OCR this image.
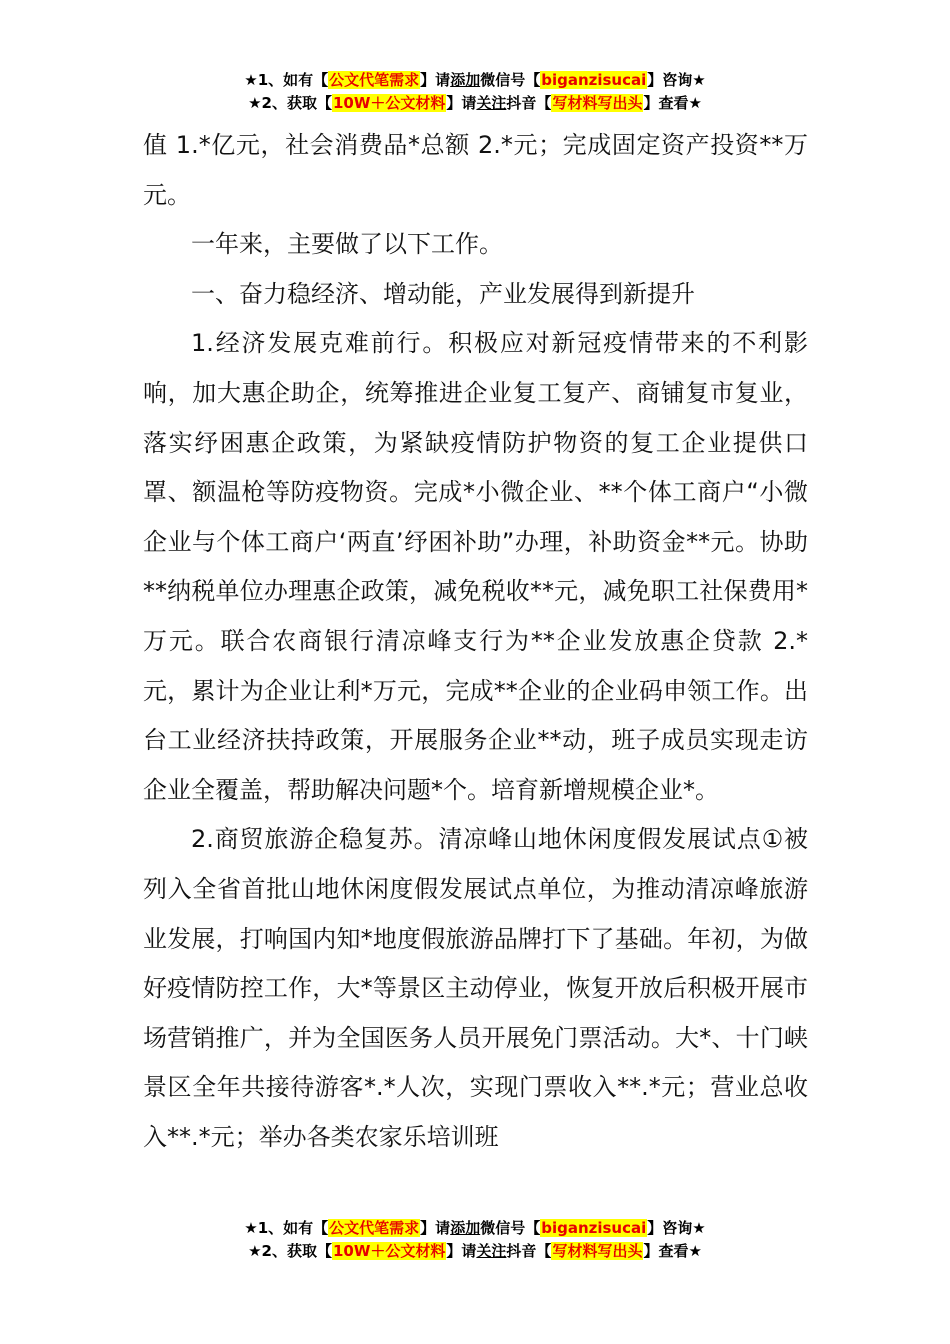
★1、如有【公文代笔需求】请添加微信号【biganzisucai】咨询★
★2、获取【10W＋公文材料】请关注抖音【写材料写出头】查看★

值 1.*亿元，社会消费品*总额 2.*元；完成固定资产投资**万元。

一年来，主要做了以下工作。

一、奋力稳经济、增动能，产业发展得到新提升

1.经济发展克难前行。积极应对新冠疫情带来的不利影响，加大惠企助企，统筹推进企业复工复产、商铺复市复业，落实纾困惠企政策，为紧缺疫情防护物资的复工企业提供口罩、额温枪等防疫物资。完成*小微企业、**个体工商户“小微企业与个体工商户‘两直’纾困补助”办理，补助资金**元。协助**纳税单位办理惠企政策，减免税收**元，减免职工社保费用*万元。联合农商银行清凉峰支行为**企业发放惠企贷款 2.*元，累计为企业让利*万元，完成**企业的企业码申领工作。出台工业经济扶持政策，开展服务企业**动，班子成员实现走访企业全覆盖，帮助解决问题*个。培育新增规模企业*。

2.商贸旅游企稳复苏。清凉峰山地休闲度假发展试点①被列入全省首批山地休闲度假发展试点单位，为推动清凉峰旅游业发展，打响国内知*地度假旅游品牌打下了基础。年初，为做好疫情防控工作，大*等景区主动停业，恢复开放后积极开展市场营销推广，并为全国医务人员开展免门票活动。大*、十门峡景区全年共接待游客*.*人次，实现门票收入**.*元；营业总收入**.*元；举办各类农家乐培训班

★1、如有【公文代笔需求】请添加微信号【biganzisucai】咨询★
★2、获取【10W＋公文材料】请关注抖音【写材料写出头】查看★
